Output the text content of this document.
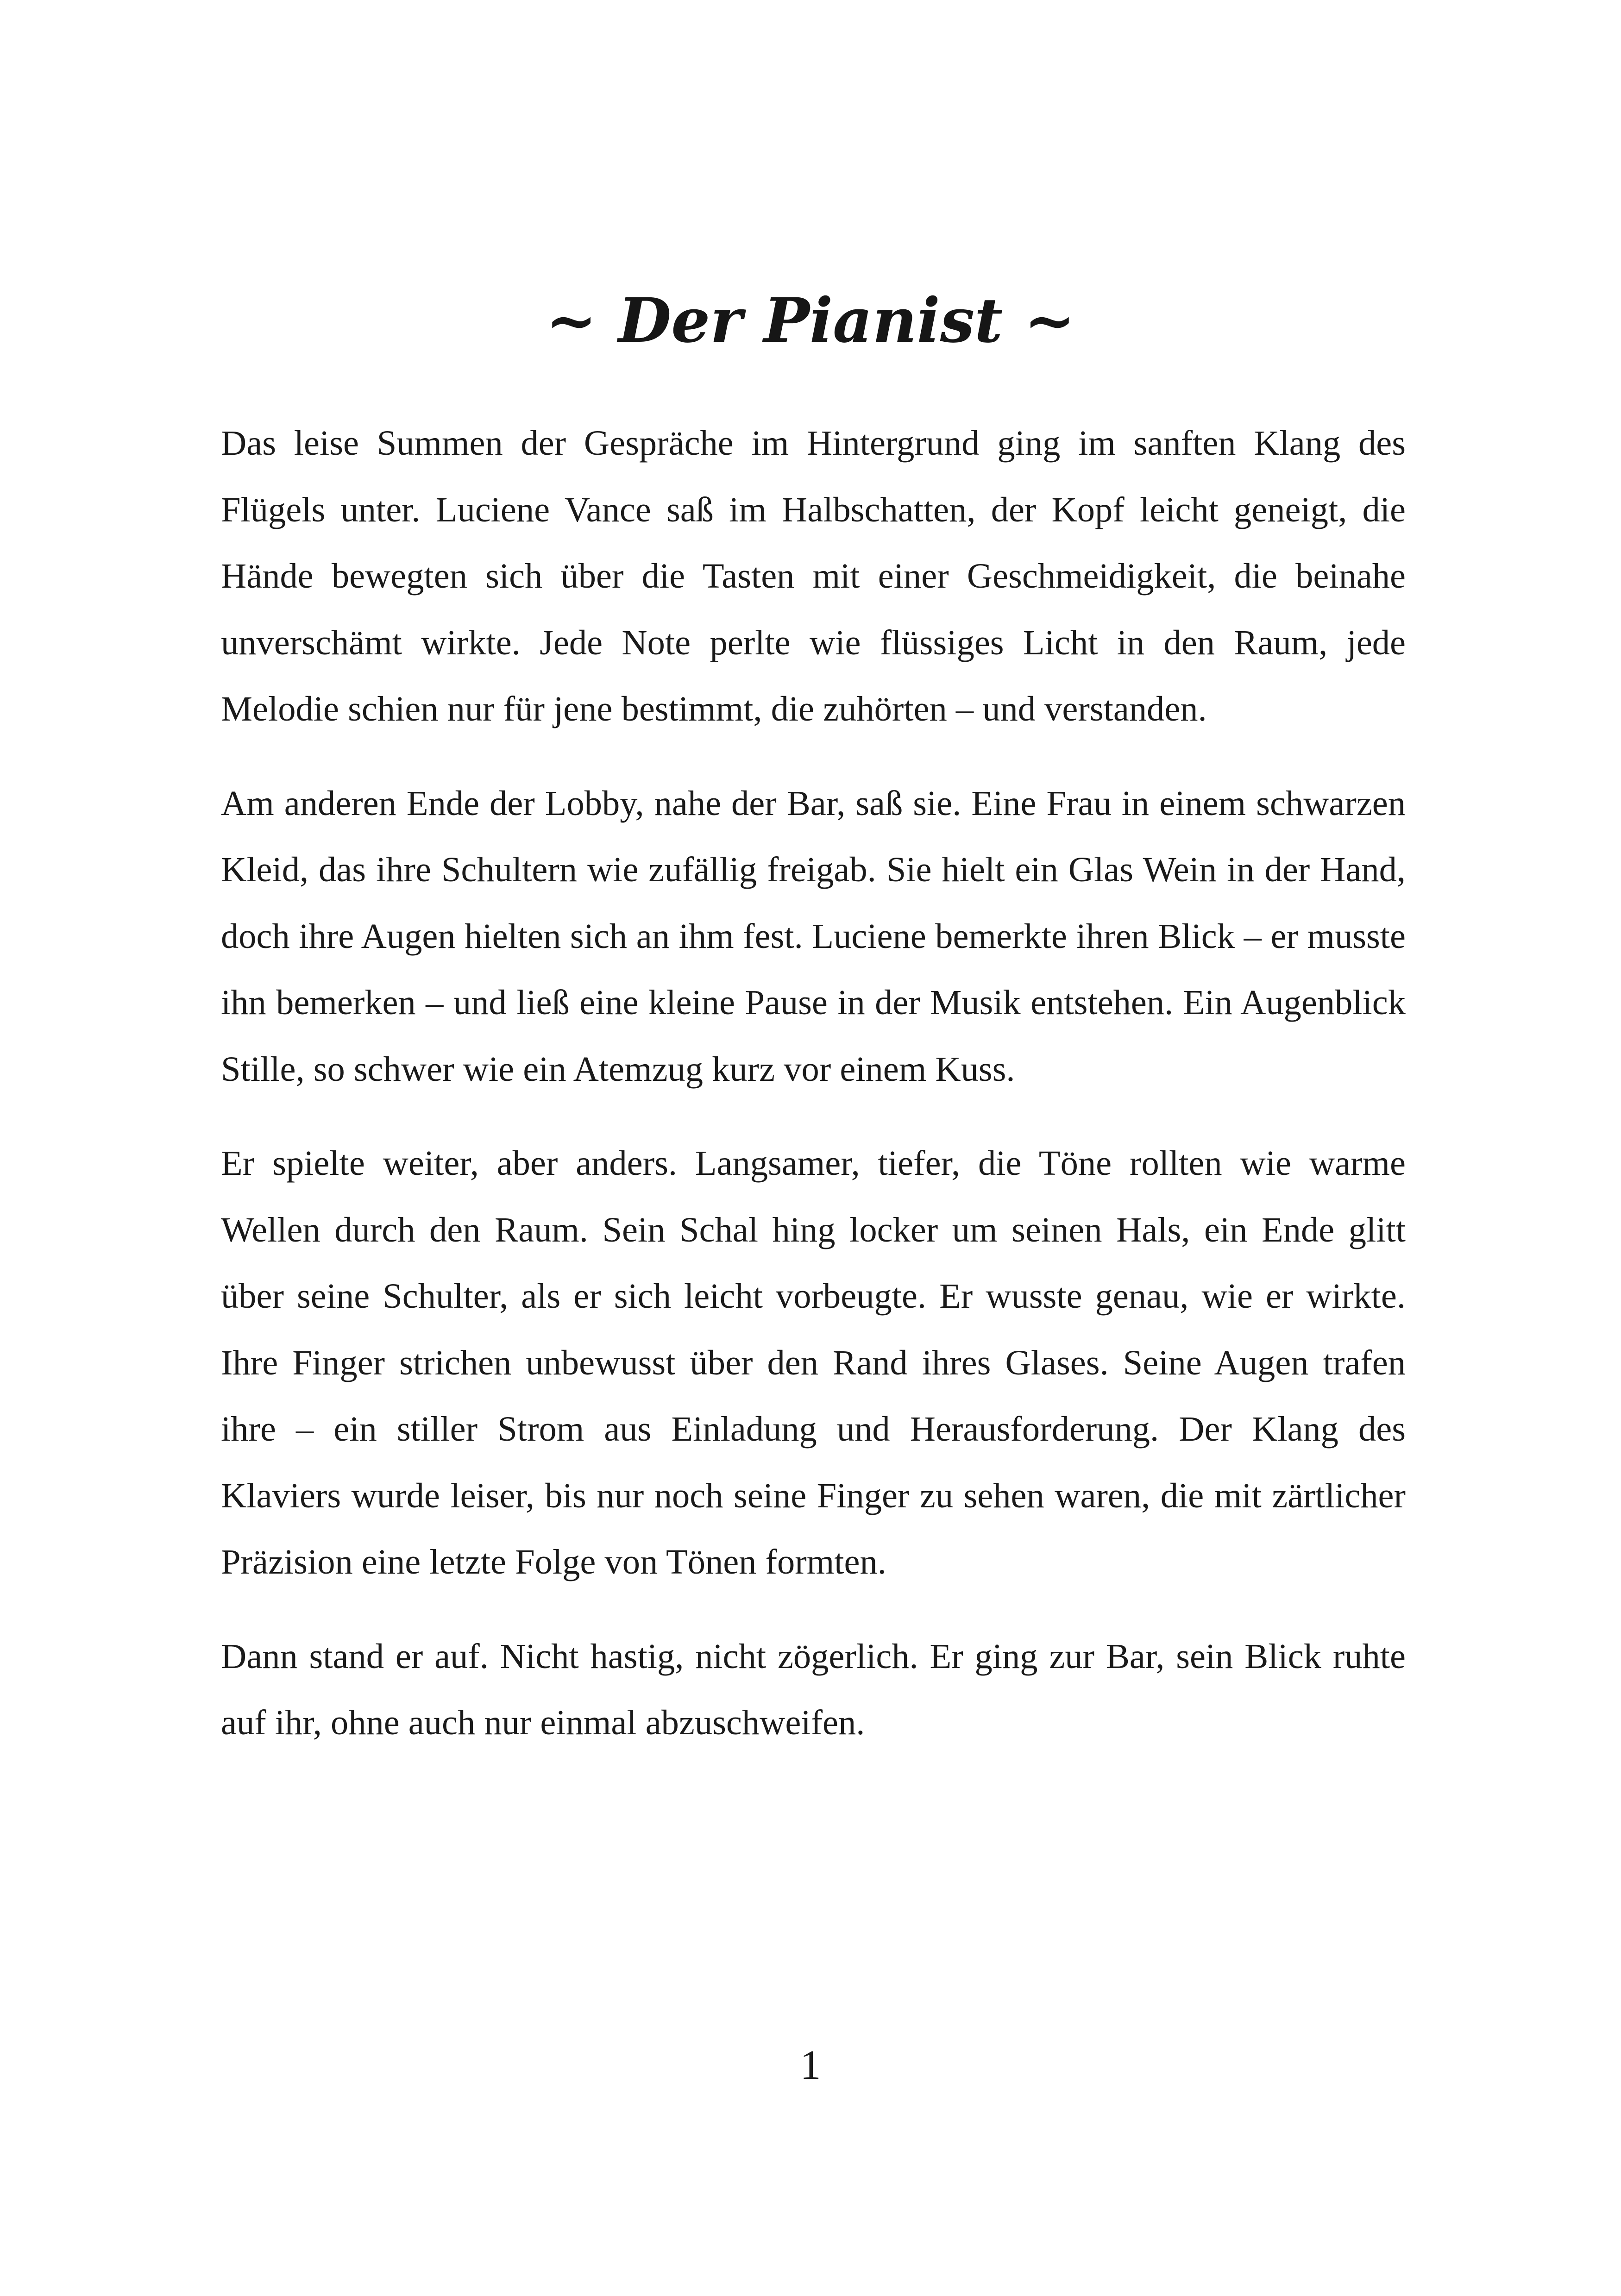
~ Der Pianist ~

Das leise Summen der Gespräche im Hintergrund ging im sanften Klang des Flügels unter. Luciene Vance saß im Halbschatten, der Kopf leicht geneigt, die Hände bewegten sich über die Tasten mit einer Geschmeidigkeit, die beinahe unverschämt wirkte. Jede Note perlte wie flüssiges Licht in den Raum, jede Melodie schien nur für jene bestimmt, die zuhörten – und verstanden.

Am anderen Ende der Lobby, nahe der Bar, saß sie. Eine Frau in einem schwarzen Kleid, das ihre Schultern wie zufällig freigab. Sie hielt ein Glas Wein in der Hand, doch ihre Augen hielten sich an ihm fest. Luciene bemerkte ihren Blick – er musste ihn bemerken – und ließ eine kleine Pause in der Musik entstehen. Ein Augenblick Stille, so schwer wie ein Atemzug kurz vor einem Kuss.

Er spielte weiter, aber anders. Langsamer, tiefer, die Töne rollten wie warme Wellen durch den Raum. Sein Schal hing locker um seinen Hals, ein Ende glitt über seine Schulter, als er sich leicht vorbeugte. Er wusste genau, wie er wirkte. Ihre Finger strichen unbewusst über den Rand ihres Glases. Seine Augen trafen ihre – ein stiller Strom aus Einladung und Herausforderung. Der Klang des Klaviers wurde leiser, bis nur noch seine Finger zu sehen waren, die mit zärtlicher Präzision eine letzte Folge von Tönen formten.

Dann stand er auf. Nicht hastig, nicht zögerlich. Er ging zur Bar, sein Blick ruhte auf ihr, ohne auch nur einmal abzuschweifen.

1
